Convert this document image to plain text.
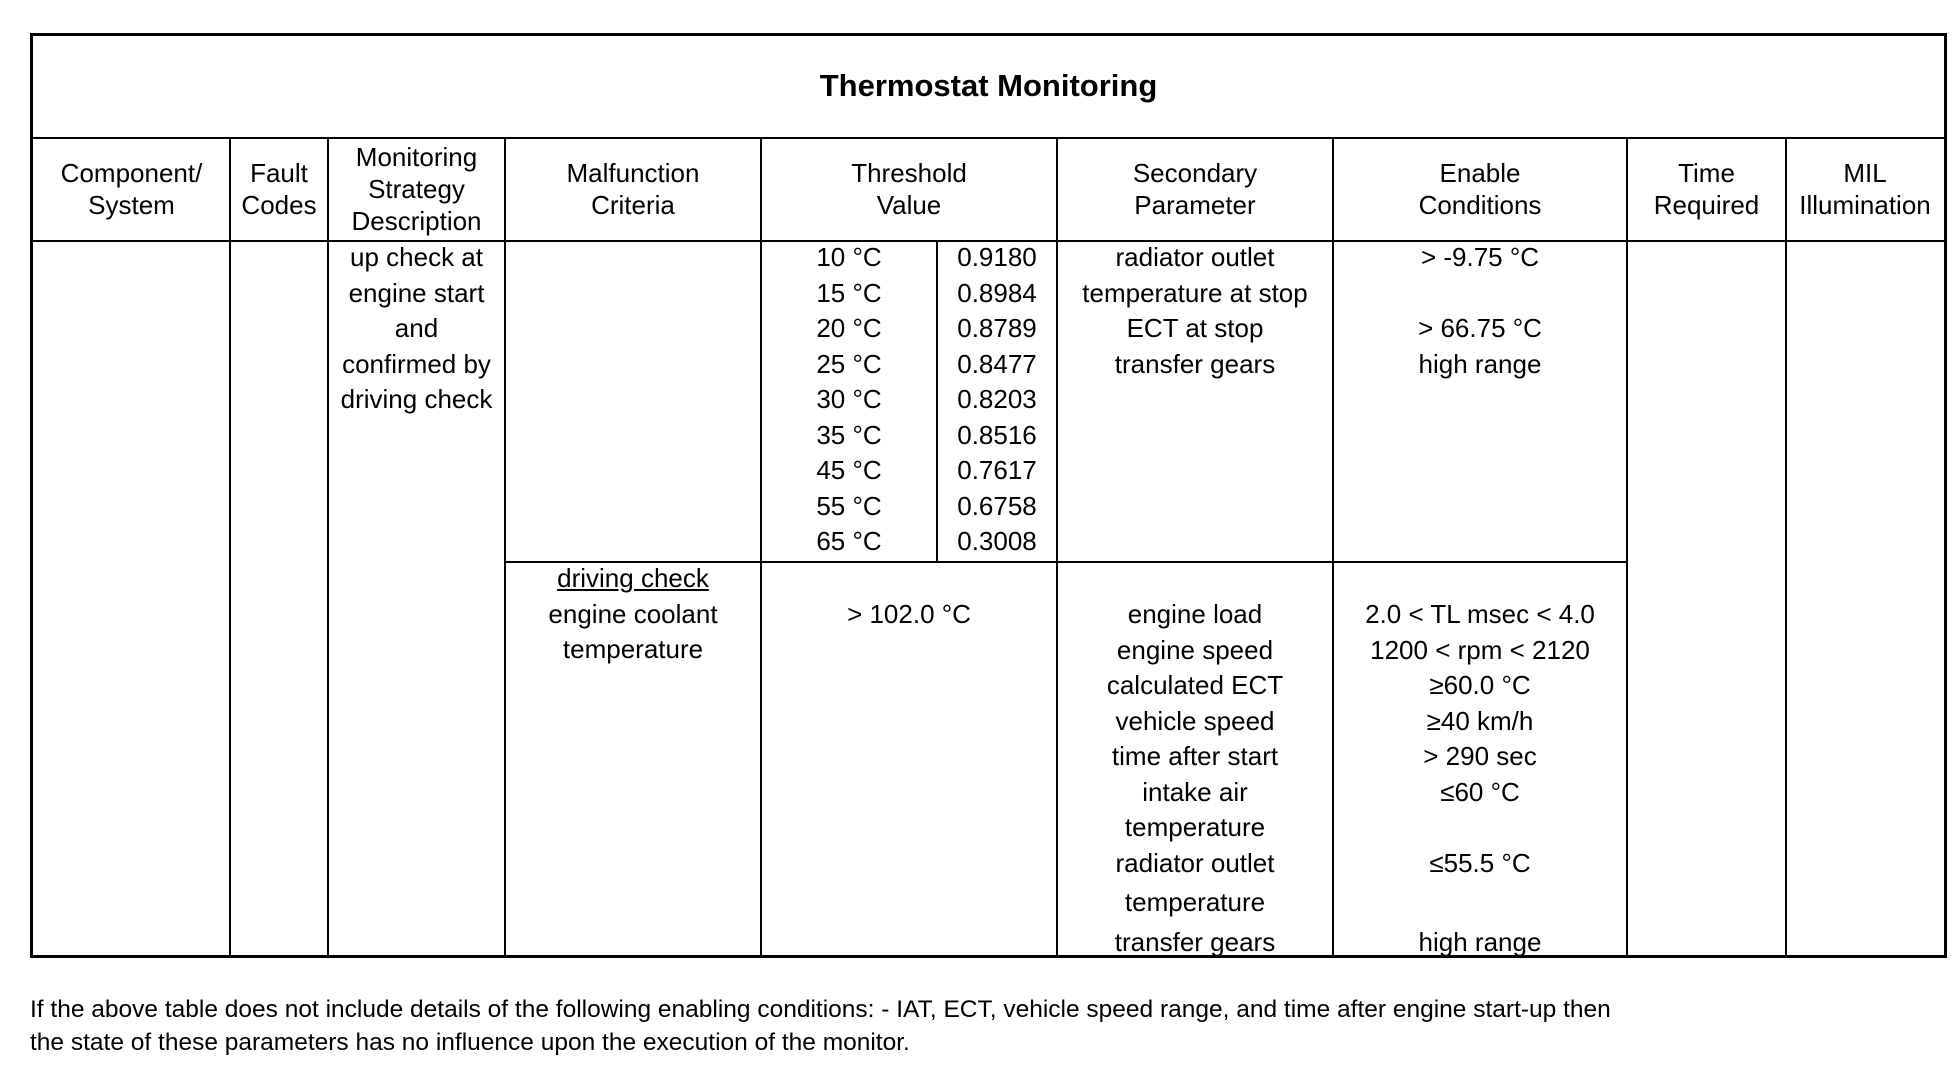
Thermostat Monitoring
Component/
System
Fault
Codes
Monitoring
Strategy
Description
Malfunction
Criteria
Threshold
Value
Secondary
Parameter
Enable
Conditions
Time
Required
MIL
Illumination
up check at
engine start
and
confirmed by
driving check
10 °C
15 °C
20 °C
25 °C
30 °C
35 °C
45 °C
55 °C
65 °C
0.9180
0.8984
0.8789
0.8477
0.8203
0.8516
0.7617
0.6758
0.3008
radiator outlet
temperature at stop
ECT at stop
transfer gears
> -9.75 °C

> 66.75 °C
high range
driving check
engine coolant
temperature
> 102.0 °C	engine load
engine speed
calculated ECT
vehicle speed
time after start
intake air
temperature
radiator outlet
temperature
transfer gears
2.0 < TL msec < 4.0
1200 < rpm < 2120
≥60.0 °C
≥40 km/h
> 290 sec
≤60 °C

≤55.5 °C

high range
If the above table does not include details of the following enabling conditions: - IAT, ECT, vehicle speed range, and time after engine start-up then
the state of these parameters has no influence upon the execution of the monitor.
